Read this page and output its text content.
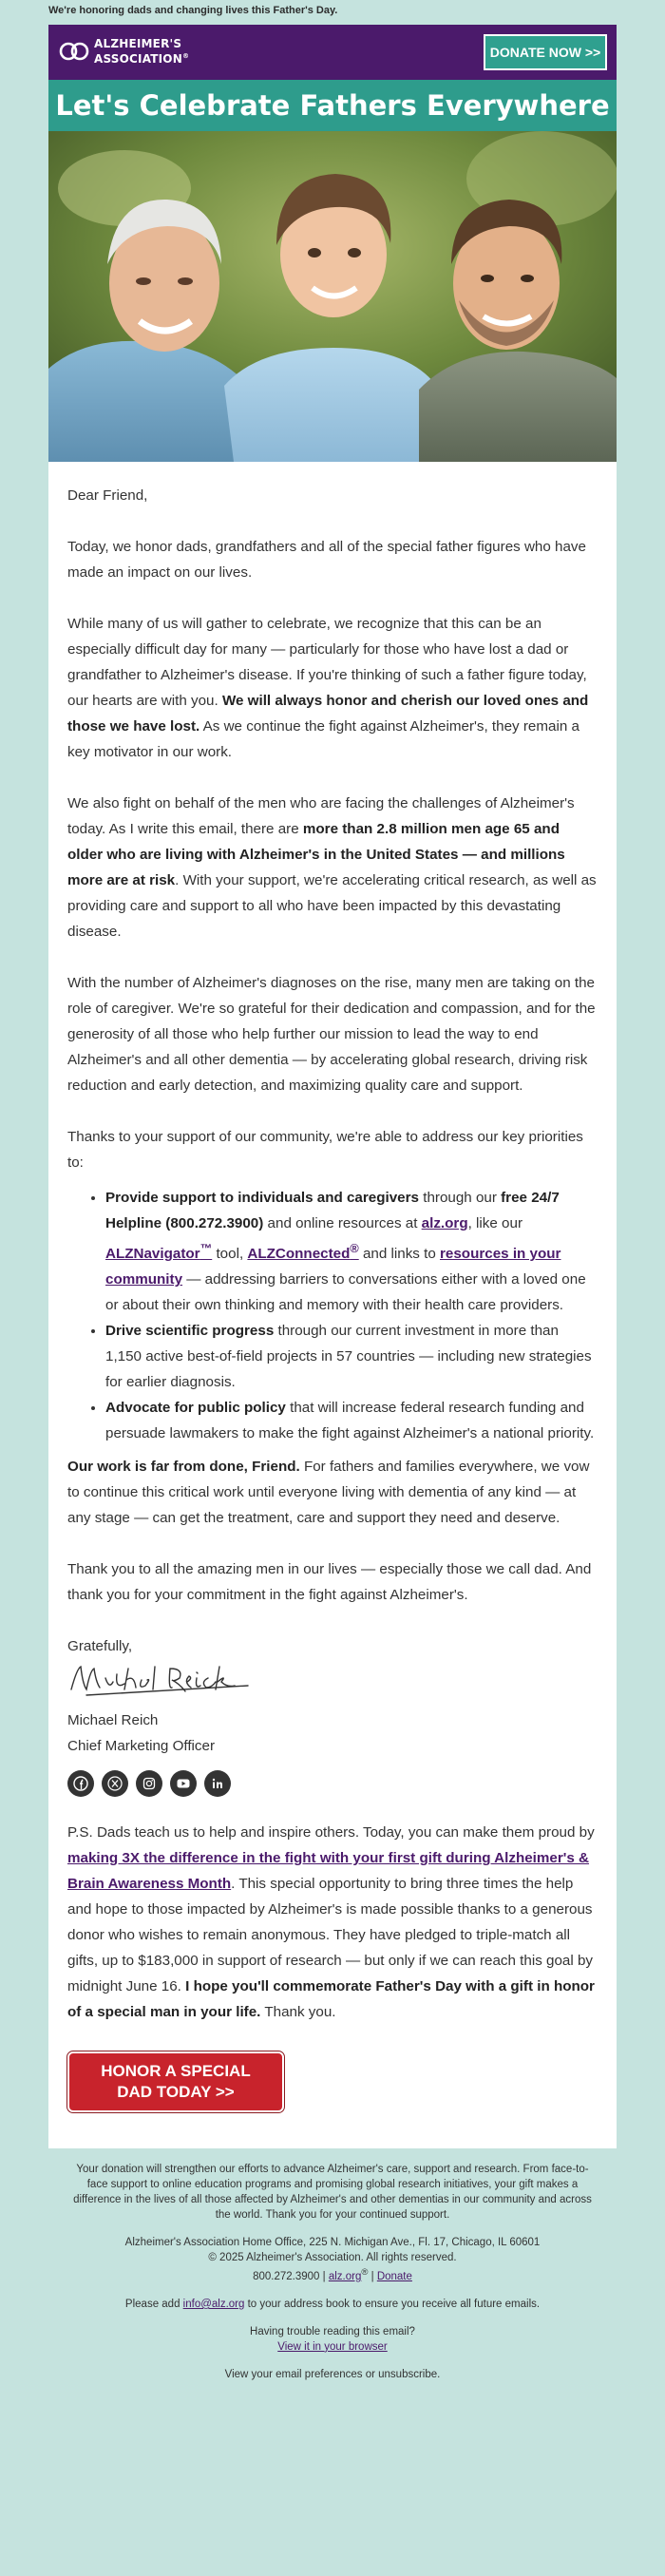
We're honoring dads and changing lives this Father's Day.
ALZHEIMER'S
ASSOCIATION®	DONATE NOW >>
Let's Celebrate Fathers Everywhere

Dear Friend,

Today, we honor dads, grandfathers and all of the special father figures who have made an impact on our lives.

While many of us will gather to celebrate, we recognize that this can be an especially difficult day for many — particularly for those who have lost a dad or grandfather to Alzheimer's disease. If you're thinking of such a father figure today, our hearts are with you. We will always honor and cherish our loved ones and those we have lost. As we continue the fight against Alzheimer's, they remain a key motivator in our work.

We also fight on behalf of the men who are facing the challenges of Alzheimer's today. As I write this email, there are more than 2.8 million men age 65 and older who are living with Alzheimer's in the United States — and millions more are at risk. With your support, we're accelerating critical research, as well as providing care and support to all who have been impacted by this devastating disease.

With the number of Alzheimer's diagnoses on the rise, many men are taking on the role of caregiver. We're so grateful for their dedication and compassion, and for the generosity of all those who help further our mission to lead the way to end Alzheimer's and all other dementia — by accelerating global research, driving risk reduction and early detection, and maximizing quality care and support.

Thanks to your support of our community, we're able to address our key priorities to:

• Provide support to individuals and caregivers through our free 24/7 Helpline (800.272.3900) and online resources at alz.org, like our ALZNavigator™ tool, ALZConnected® and links to resources in your community — addressing barriers to conversations either with a loved one or about their own thinking and memory with their health care providers.
• Drive scientific progress through our current investment in more than 1,150 active best-of-field projects in 57 countries — including new strategies for earlier diagnosis.
• Advocate for public policy that will increase federal research funding and persuade lawmakers to make the fight against Alzheimer's a national priority.

Our work is far from done, Friend. For fathers and families everywhere, we vow to continue this critical work until everyone living with dementia of any kind — at any stage — can get the treatment, care and support they need and deserve.

Thank you to all the amazing men in our lives — especially those we call dad. And thank you for your commitment in the fight against Alzheimer's.

Gratefully,

Michael Reich

Michael Reich

Chief Marketing Officer

P.S. Dads teach us to help and inspire others. Today, you can make them proud by making 3X the difference in the fight with your first gift during Alzheimer's & Brain Awareness Month. This special opportunity to bring three times the help and hope to those impacted by Alzheimer's is made possible thanks to a generous donor who wishes to remain anonymous. They have pledged to triple-match all gifts, up to $183,000 in support of research — but only if we can reach this goal by midnight June 16. I hope you'll commemorate Father's Day with a gift in honor of a special man in your life. Thank you.

HONOR A SPECIAL
DAD TODAY >>

Your donation will strengthen our efforts to advance Alzheimer's care, support and research. From face-to-face support to online education programs and promising global research initiatives, your gift makes a difference in the lives of all those affected by Alzheimer's and other dementias in our community and across the world. Thank you for your continued support.

Alzheimer's Association Home Office, 225 N. Michigan Ave., Fl. 17, Chicago, IL 60601
© 2025 Alzheimer's Association. All rights reserved.
800.272.3900 | alz.org® | Donate

Please add info@alz.org to your address book to ensure you receive all future emails.

Having trouble reading this email?
View it in your browser

View your email preferences or unsubscribe.
